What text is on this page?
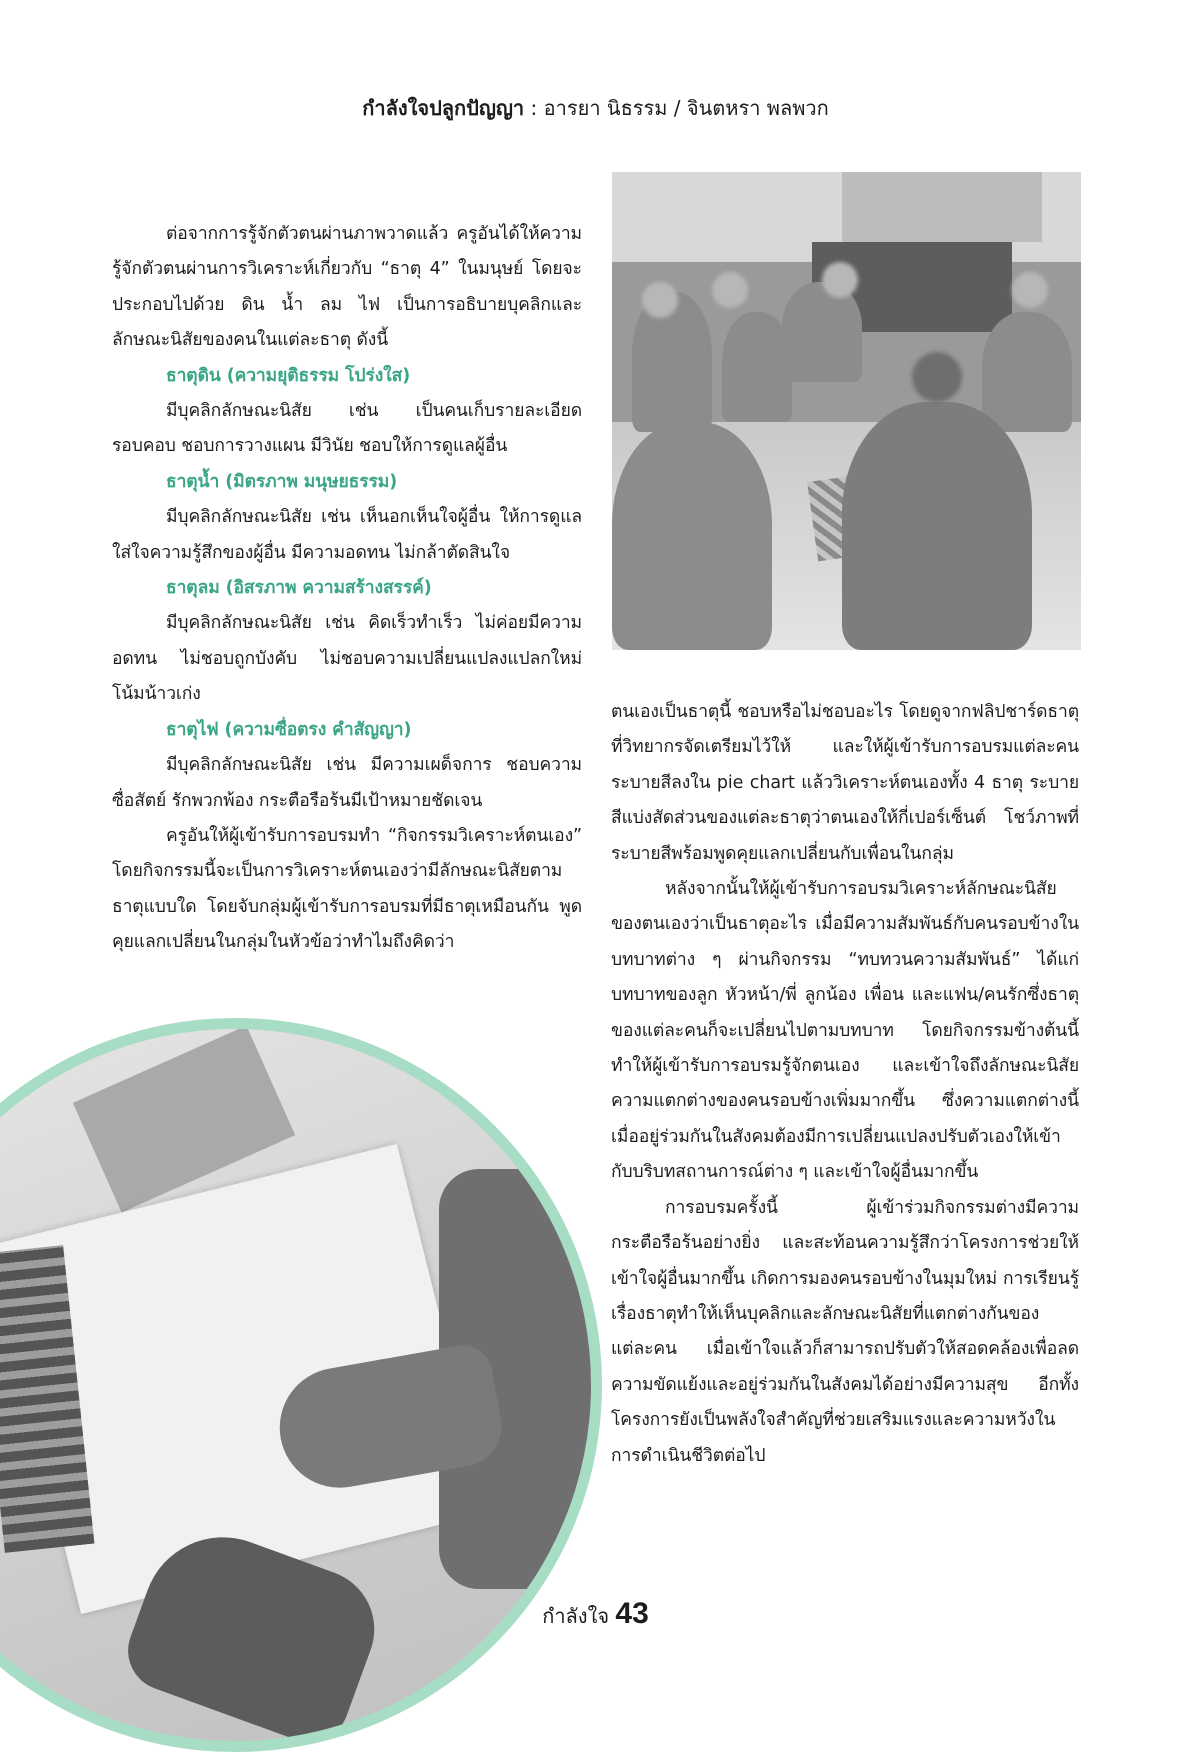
กำลังใจปลูกปัญญา : อารยา นิธรรม / จินตหรา พลพวก

ต่อจากการรู้จักตัวตนผ่านภาพวาดแล้ว ครูอันได้ให้ความรู้จักตัวตนผ่านการวิเคราะห์เกี่ยวกับ “ธาตุ 4” ในมนุษย์ โดยจะประกอบไปด้วย ดิน น้ำ ลม ไฟ เป็นการอธิบายบุคลิกและลักษณะนิสัยของคนในแต่ละธาตุ ดังนี้

ธาตุดิน (ความยุติธรรม โปร่งใส)

มีบุคลิกลักษณะนิสัย เช่น เป็นคนเก็บรายละเอียดรอบคอบ ชอบการวางแผน มีวินัย ชอบให้การดูแลผู้อื่น

ธาตุน้ำ (มิตรภาพ มนุษยธรรม)

มีบุคลิกลักษณะนิสัย เช่น เห็นอกเห็นใจผู้อื่น ให้การดูแลใส่ใจความรู้สึกของผู้อื่น มีความอดทน ไม่กล้าตัดสินใจ

ธาตุลม (อิสรภาพ ความสร้างสรรค์)

มีบุคลิกลักษณะนิสัย เช่น คิดเร็วทำเร็ว ไม่ค่อยมีความอดทน ไม่ชอบถูกบังคับ ไม่ชอบความเปลี่ยนแปลงแปลกใหม่ โน้มน้าวเก่ง

ธาตุไฟ (ความซื่อตรง คำสัญญา)

มีบุคลิกลักษณะนิสัย เช่น มีความเผด็จการ ชอบความซื่อสัตย์ รักพวกพ้อง กระตือรือร้นมีเป้าหมายชัดเจน

ครูอันให้ผู้เข้ารับการอบรมทำ “กิจกรรมวิเคราะห์ตนเอง” โดยกิจกรรมนี้จะเป็นการวิเคราะห์ตนเองว่ามีลักษณะนิสัยตามธาตุแบบใด โดยจับกลุ่มผู้เข้ารับการอบรมที่มีธาตุเหมือนกัน พูดคุยแลกเปลี่ยนในกลุ่มในหัวข้อว่าทำไมถึงคิดว่า

ตนเองเป็นธาตุนี้ ชอบหรือไม่ชอบอะไร โดยดูจากฟลิปชาร์ดธาตุที่วิทยากรจัดเตรียมไว้ให้ และให้ผู้เข้ารับการอบรมแต่ละคนระบายสีลงใน pie chart แล้ววิเคราะห์ตนเองทั้ง 4 ธาตุ ระบายสีแบ่งสัดส่วนของแต่ละธาตุว่าตนเองให้กี่เปอร์เซ็นต์ โชว์ภาพที่ระบายสีพร้อมพูดคุยแลกเปลี่ยนกับเพื่อนในกลุ่ม

หลังจากนั้นให้ผู้เข้ารับการอบรมวิเคราะห์ลักษณะนิสัยของตนเองว่าเป็นธาตุอะไร เมื่อมีความสัมพันธ์กับคนรอบข้างในบทบาทต่าง ๆ ผ่านกิจกรรม “ทบทวนความสัมพันธ์” ได้แก่ บทบาทของลูก หัวหน้า/พี่ ลูกน้อง เพื่อน และแฟน/คนรักซึ่งธาตุของแต่ละคนก็จะเปลี่ยนไปตามบทบาท โดยกิจกรรมข้างต้นนี้ทำให้ผู้เข้ารับการอบรมรู้จักตนเอง และเข้าใจถึงลักษณะนิสัย ความแตกต่างของคนรอบข้างเพิ่มมากขึ้น ซึ่งความแตกต่างนี้เมื่ออยู่ร่วมกันในสังคมต้องมีการเปลี่ยนแปลงปรับตัวเองให้เข้ากับบริบทสถานการณ์ต่าง ๆ และเข้าใจผู้อื่นมากขึ้น

การอบรมครั้งนี้ ผู้เข้าร่วมกิจกรรมต่างมีความกระตือรือร้นอย่างยิ่ง และสะท้อนความรู้สึกว่าโครงการช่วยให้เข้าใจผู้อื่นมากขึ้น เกิดการมองคนรอบข้างในมุมใหม่ การเรียนรู้เรื่องธาตุทำให้เห็นบุคลิกและลักษณะนิสัยที่แตกต่างกันของแต่ละคน เมื่อเข้าใจแล้วก็สามารถปรับตัวให้สอดคล้องเพื่อลดความขัดแย้งและอยู่ร่วมกันในสังคมได้อย่างมีความสุข อีกทั้งโครงการยังเป็นพลังใจสำคัญที่ช่วยเสริมแรงและความหวังในการดำเนินชีวิตต่อไป

กำลังใจ 43
